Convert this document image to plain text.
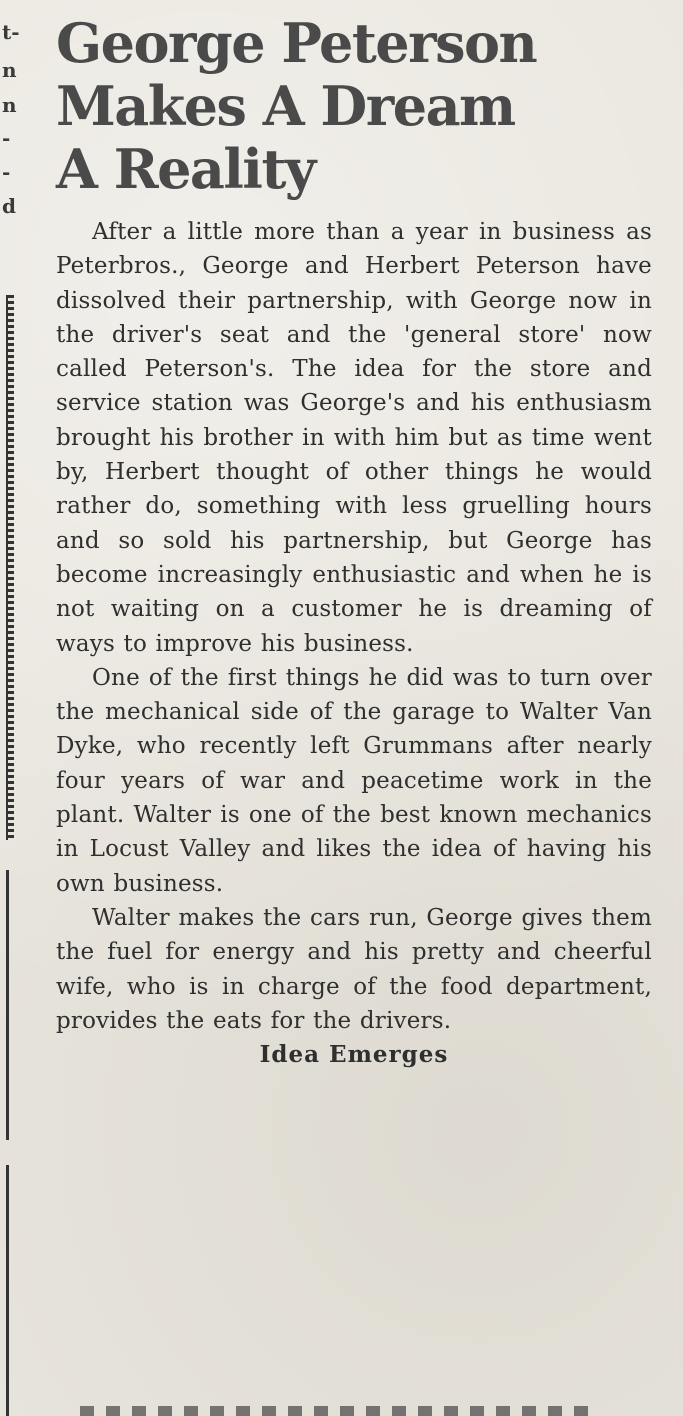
t-
n
n
-
-
d
George Peterson
Makes A Dream
A Reality

After a little more than a year in business as Peterbros., George and Herbert Peterson have dissolved their partnership, with George now in the driver's seat and the 'general store' now called Peterson's. The idea for the store and service station was George's and his enthusiasm brought his brother in with him but as time went by, Herbert thought of other things he would rather do, something with less gruelling hours and so sold his partnership, but George has become increasingly enthusiastic and when he is not waiting on a customer he is dreaming of ways to improve his business.

One of the first things he did was to turn over the mechanical side of the garage to Walter Van Dyke, who recently left Grummans after nearly four years of war and peacetime work in the plant. Walter is one of the best known mechanics in Locust Valley and likes the idea of having his own business.

Walter makes the cars run, George gives them the fuel for energy and his pretty and cheerful wife, who is in charge of the food department, provides the eats for the drivers.

Idea Emerges
